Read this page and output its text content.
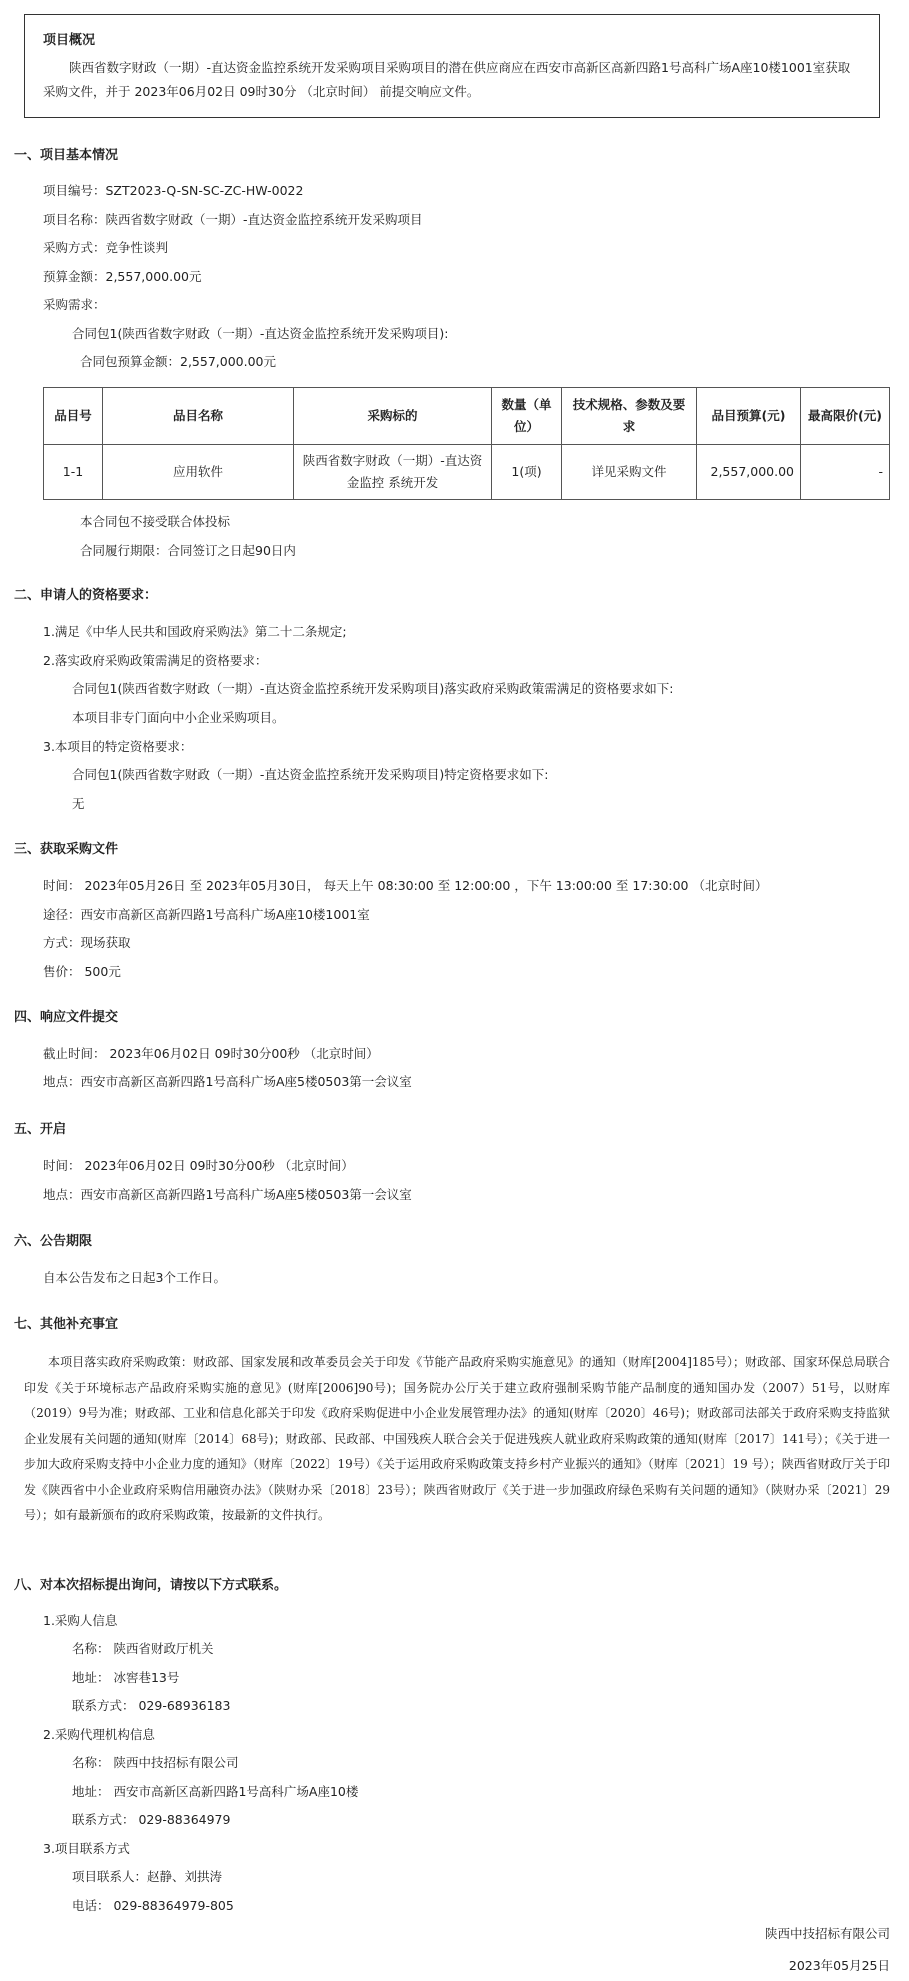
项目概况
陕西省数字财政（一期）-直达资金监控系统开发采购项目采购项目的潜在供应商应在西安市高新区高新四路1号高科广场A座10楼1001室获取采购文件，并于 2023年06月02日 09时30分 （北京时间） 前提交响应文件。
一、项目基本情况
项目编号：SZT2023-Q-SN-SC-ZC-HW-0022
项目名称：陕西省数字财政（一期）-直达资金监控系统开发采购项目
采购方式：竞争性谈判
预算金额：2,557,000.00元
采购需求：
合同包1(陕西省数字财政（一期）-直达资金监控系统开发采购项目):
合同包预算金额：2,557,000.00元
品目号	品目名称	采购标的	数量（单位）	技术规格、参数及要求	品目预算(元)	最高限价(元)
1-1	应用软件	陕西省数字财政（一期）-直达资金监控 系统开发	1(项)	详见采购文件	2,557,000.00	-
本合同包不接受联合体投标
合同履行期限：合同签订之日起90日内
二、申请人的资格要求：
1.满足《中华人民共和国政府采购法》第二十二条规定;
2.落实政府采购政策需满足的资格要求：
合同包1(陕西省数字财政（一期）-直达资金监控系统开发采购项目)落实政府采购政策需满足的资格要求如下:
本项目非专门面向中小企业采购项目。
3.本项目的特定资格要求：
合同包1(陕西省数字财政（一期）-直达资金监控系统开发采购项目)特定资格要求如下:
无
三、获取采购文件
时间： 2023年05月26日 至 2023年05月30日， 每天上午 08:30:00 至 12:00:00 ，下午 13:00:00 至 17:30:00 （北京时间）
途径：西安市高新区高新四路1号高科广场A座10楼1001室
方式：现场获取
售价： 500元
四、响应文件提交
截止时间： 2023年06月02日 09时30分00秒 （北京时间）
地点：西安市高新区高新四路1号高科广场A座5楼0503第一会议室
五、开启
时间： 2023年06月02日 09时30分00秒 （北京时间）
地点：西安市高新区高新四路1号高科广场A座5楼0503第一会议室
六、公告期限
自本公告发布之日起3个工作日。
七、其他补充事宜
本项目落实政府采购政策：财政部、国家发展和改革委员会关于印发《节能产品政府采购实施意见》的通知（财库[2004]185号）；财政部、国家环保总局联合印发《关于环境标志产品政府采购实施的意见》(财库[2006]90号)；国务院办公厅关于建立政府强制采购节能产品制度的通知国办发（2007）51号，以财库（2019）9号为准；财政部、工业和信息化部关于印发《政府采购促进中小企业发展管理办法》的通知(财库〔2020〕46号)；财政部司法部关于政府采购支持监狱企业发展有关问题的通知(财库〔2014〕68号)；财政部、民政部、中国残疾人联合会关于促进残疾人就业政府采购政策的通知(财库〔2017〕141号）；《关于进一步加大政府采购支持中小企业力度的通知》（财库〔2022〕19号）《关于运用政府采购政策支持乡村产业振兴的通知》（财库〔2021〕19 号）；陕西省财政厅关于印发《陕西省中小企业政府采购信用融资办法》（陕财办采〔2018〕23号）；陕西省财政厅《关于进一步加强政府绿色采购有关问题的通知》（陕财办采〔2021〕29号）；如有最新颁布的政府采购政策，按最新的文件执行。
八、对本次招标提出询问，请按以下方式联系。
1.采购人信息
名称： 陕西省财政厅机关
地址： 冰窖巷13号
联系方式： 029-68936183
2.采购代理机构信息
名称： 陕西中技招标有限公司
地址： 西安市高新区高新四路1号高科广场A座10楼
联系方式： 029-88364979
3.项目联系方式
项目联系人：赵静、刘拱涛
电话： 029-88364979-805
陕西中技招标有限公司
2023年05月25日
